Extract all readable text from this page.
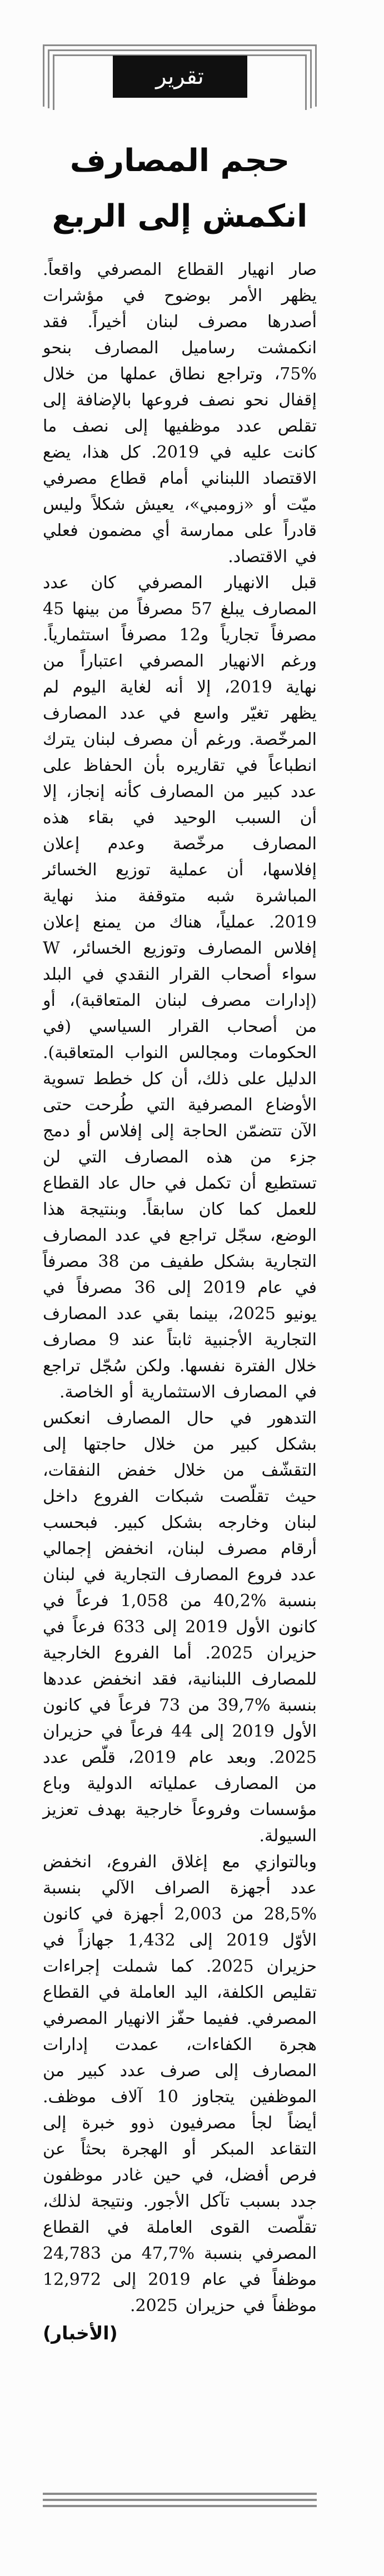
تقرير
حجم المصارف
انكمش إلى الربع

صار انهيار القطاع المصرفي واقعاً. يظهر الأمر بوضوح في مؤشرات أصدرها مصرف لبنان أخيراً. فقد انكمشت رساميل المصارف بنحو %75، وتراجع نطاق عملها من خلال إقفال نحو نصف فروعها بالإضافة إلى تقلص عدد موظفيها إلى نصف ما كانت عليه في 2019. كل هذا، يضع الاقتصاد اللبناني أمام قطاع مصرفي ميّت أو «زومبي»، يعيش شكلاً وليس قادراً على ممارسة أي مضمون فعلي في الاقتصاد.

قبل الانهيار المصرفي كان عدد المصارف يبلغ 57 مصرفاً من بينها 45 مصرفاً تجارياً و12 مصرفاً استثمارياً. ورغم الانهيار المصرفي اعتباراً من نهاية 2019، إلا أنه لغاية اليوم لم يظهر تغيّر واسع في عدد المصارف المرخّصة. ورغم أن مصرف لبنان يترك انطباعاً في تقاريره بأن الحفاظ على عدد كبير من المصارف كأنه إنجاز، إلا أن السبب الوحيد في بقاء هذه المصارف مرخّصة وعدم إعلان إفلاسها، أن عملية توزيع الخسائر المباشرة شبه متوقفة منذ نهاية 2019. عملياً، هناك من يمنع إعلان إفلاس المصارف وتوزيع الخسائر، W سواء أصحاب القرار النقدي في البلد (إدارات مصرف لبنان المتعاقبة)، أو من أصحاب القرار السياسي (في الحكومات ومجالس النواب المتعاقبة). الدليل على ذلك، أن كل خطط تسوية الأوضاع المصرفية التي طُرحت حتى الآن تتضمّن الحاجة إلى إفلاس أو دمج جزء من هذه المصارف التي لن تستطيع أن تكمل في حال عاد القطاع للعمل كما كان سابقاً. وبنتيجة هذا الوضع، سجّل تراجع في عدد المصارف التجارية بشكل طفيف من 38 مصرفاً في عام 2019 إلى 36 مصرفاً في يونيو 2025، بينما بقي عدد المصارف التجارية الأجنبية ثابتاً عند 9 مصارف خلال الفترة نفسها. ولكن سُجّل تراجع في المصارف الاستثمارية أو الخاصة.

التدهور في حال المصارف انعكس بشكل كبير من خلال حاجتها إلى التقشّف من خلال خفض النفقات، حيث تقلّصت شبكات الفروع داخل لبنان وخارجه بشكل كبير. فبحسب أرقام مصرف لبنان، انخفض إجمالي عدد فروع المصارف التجارية في لبنان بنسبة %40,2 من 1,058 فرعاً في كانون الأول 2019 إلى 633 فرعاً في حزيران 2025. أما الفروع الخارجية للمصارف اللبنانية، فقد انخفض عددها بنسبة %39,7 من 73 فرعاً في كانون الأول 2019 إلى 44 فرعاً في حزيران 2025. وبعد عام 2019، قلّص عدد من المصارف عملياته الدولية وباع مؤسسات وفروعاً خارجية بهدف تعزيز السيولة.

وبالتوازي مع إغلاق الفروع، انخفض عدد أجهزة الصراف الآلي بنسبة %28,5 من 2,003 أجهزة في كانون الأوّل 2019 إلى 1,432 جهازاً في حزيران 2025. كما شملت إجراءات تقليص الكلفة، اليد العاملة في القطاع المصرفي. ففيما حفّز الانهيار المصرفي هجرة الكفاءات، عمدت إدارات المصارف إلى صرف عدد كبير من الموظفين يتجاوز 10 آلاف موظف. أيضاً لجأ مصرفيون ذوو خبرة إلى التقاعد المبكر أو الهجرة بحثاً عن فرص أفضل، في حين غادر موظفون جدد بسبب تآكل الأجور. ونتيجة لذلك، تقلّصت القوى العاملة في القطاع المصرفي بنسبة %47,7 من 24,783 موظفاً في عام 2019 إلى 12,972 موظفاً في حزيران 2025.

(الأخبار)
